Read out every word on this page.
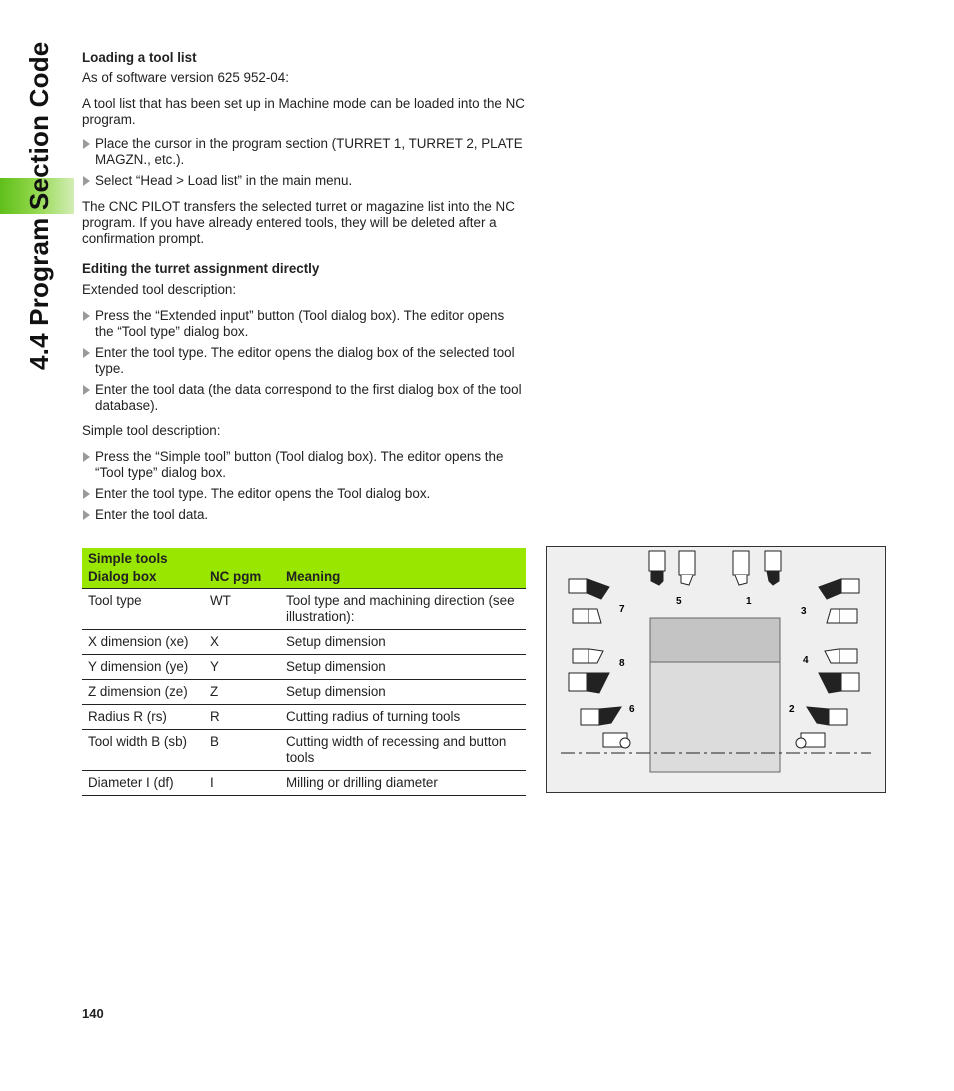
4.4 Program Section Code Loading a tool list

As of software version 625 952-04:

A tool list that has been set up in Machine mode can be loaded into the NC program.

Place the cursor in the program section (TURRET 1, TURRET 2, PLATE MAGZN., etc.).
Select “Head > Load list” in the main menu.

The CNC PILOT transfers the selected turret or magazine list into the NC program. If you have already entered tools, they will be deleted after a confirmation prompt.

Editing the turret assignment directly

Extended tool description:

Press the “Extended input” button (Tool dialog box). The editor opens the “Tool type” dialog box.
Enter the tool type. The editor opens the dialog box of the selected tool type.
Enter the tool data (the data correspond to the first dialog box of the tool database).

Simple tool description:

Press the “Simple tool” button (Tool dialog box). The editor opens the “Tool type” dialog box.
Enter the tool type. The editor opens the Tool dialog box.
Enter the tool data.
Simple tools		
Dialog box	NC pgm	Meaning
Tool type	WT	Tool type and machining direction (see illustration):
X dimension (xe)	X	Setup dimension
Y dimension (ye)	Y	Setup dimension
Z dimension (ze)	Z	Setup dimension
Radius R (rs)	R	Cutting radius of turning tools
Tool width B (sb)	B	Cutting width of recessing and button tools
Diameter I (df)	I	Milling or drilling diameter
7
5	1
3
8	4
6	2
140
